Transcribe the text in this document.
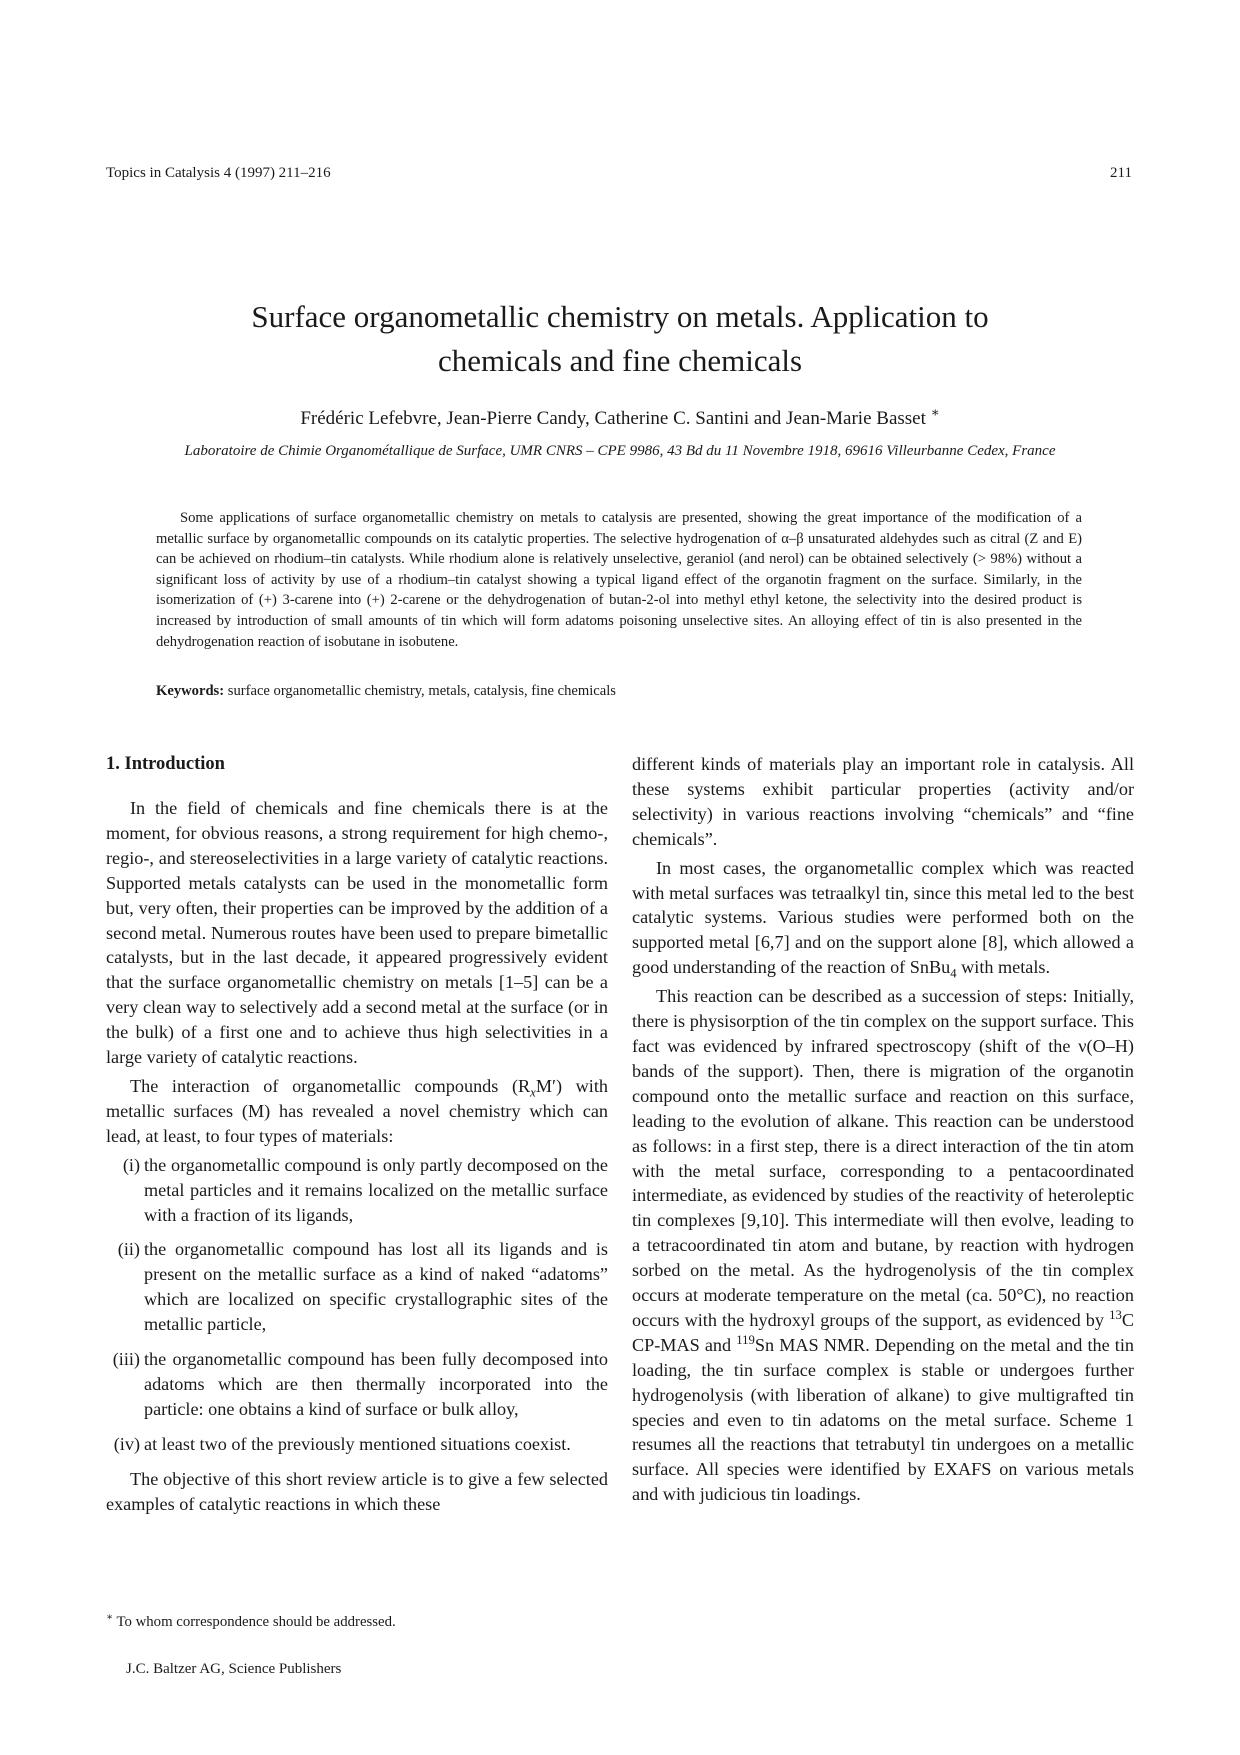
Topics in Catalysis 4 (1997) 211–216	211
Surface organometallic chemistry on metals. Application to
chemicals and fine chemicals
Frédéric Lefebvre, Jean-Pierre Candy, Catherine C. Santini and Jean-Marie Basset ∗
Laboratoire de Chimie Organométallique de Surface, UMR CNRS – CPE 9986, 43 Bd du 11 Novembre 1918, 69616 Villeurbanne Cedex, France

Some applications of surface organometallic chemistry on metals to catalysis are presented, showing the great importance of the modification of a metallic surface by organometallic compounds on its catalytic properties. The selective hydrogenation of α–β unsaturated aldehydes such as citral (Z and E) can be achieved on rhodium–tin catalysts. While rhodium alone is relatively unselective, geraniol (and nerol) can be obtained selectively (> 98%) without a significant loss of activity by use of a rhodium–tin catalyst showing a typical ligand effect of the organotin fragment on the surface. Similarly, in the isomerization of (+) 3-carene into (+) 2-carene or the dehydrogenation of butan-2-ol into methyl ethyl ketone, the selectivity into the desired product is increased by introduction of small amounts of tin which will form adatoms poisoning unselective sites. An alloying effect of tin is also presented in the dehydrogenation reaction of isobutane in isobutene.

Keywords: surface organometallic chemistry, metals, catalysis, fine chemicals
1. Introduction

In the field of chemicals and fine chemicals there is at the moment, for obvious reasons, a strong requirement for high chemo-, regio-, and stereoselectivities in a large variety of catalytic reactions. Supported metals catalysts can be used in the monometallic form but, very often, their properties can be improved by the addition of a second metal. Numerous routes have been used to prepare bimetallic catalysts, but in the last decade, it appeared progressively evident that the surface organometallic chemistry on metals [1–5] can be a very clean way to selectively add a second metal at the surface (or in the bulk) of a first one and to achieve thus high selectivities in a large variety of catalytic reactions.

The interaction of organometallic compounds $(R_xM')$ with metallic surfaces (M) has revealed a novel chemistry which can lead, at least, to four types of materials:

(i) the organometallic compound is only partly decomposed on the metal particles and it remains localized on the metallic surface with a fraction of its ligands,
(ii) the organometallic compound has lost all its ligands and is present on the metallic surface as a kind of naked “adatoms” which are localized on specific crystallographic sites of the metallic particle,
(iii) the organometallic compound has been fully decomposed into adatoms which are then thermally incorporated into the particle: one obtains a kind of surface or bulk alloy,
(iv) at least two of the previously mentioned situations coexist.

The objective of this short review article is to give a few selected examples of catalytic reactions in which these

different kinds of materials play an important role in catalysis. All these systems exhibit particular properties (activity and/or selectivity) in various reactions involving “chemicals” and “fine chemicals”.

In most cases, the organometallic complex which was reacted with metal surfaces was tetraalkyl tin, since this metal led to the best catalytic systems. Various studies were performed both on the supported metal [6,7] and on the support alone [8], which allowed a good understanding of the reaction of SnBu$_4$ with metals.

This reaction can be described as a succession of steps: Initially, there is physisorption of the tin complex on the support surface. This fact was evidenced by infrared spectroscopy (shift of the ν(O–H) bands of the support). Then, there is migration of the organotin compound onto the metallic surface and reaction on this surface, leading to the evolution of alkane. This reaction can be understood as follows: in a first step, there is a direct interaction of the tin atom with the metal surface, corresponding to a pentacoordinated intermediate, as evidenced by studies of the reactivity of heteroleptic tin complexes [9,10]. This intermediate will then evolve, leading to a tetracoordinated tin atom and butane, by reaction with hydrogen sorbed on the metal. As the hydrogenolysis of the tin complex occurs at moderate temperature on the metal (ca. 50°C), no reaction occurs with the hydroxyl groups of the support, as evidenced by $^{13}$C CP-MAS and $^{119}$Sn MAS NMR. Depending on the metal and the tin loading, the tin surface complex is stable or undergoes further hydrogenolysis (with liberation of alkane) to give multigrafted tin species and even to tin adatoms on the metal surface. Scheme 1 resumes all the reactions that tetrabutyl tin undergoes on a metallic surface. All species were identified by EXAFS on various metals and with judicious tin loadings.

∗ To whom correspondence should be addressed.
J.C. Baltzer AG, Science Publishers
